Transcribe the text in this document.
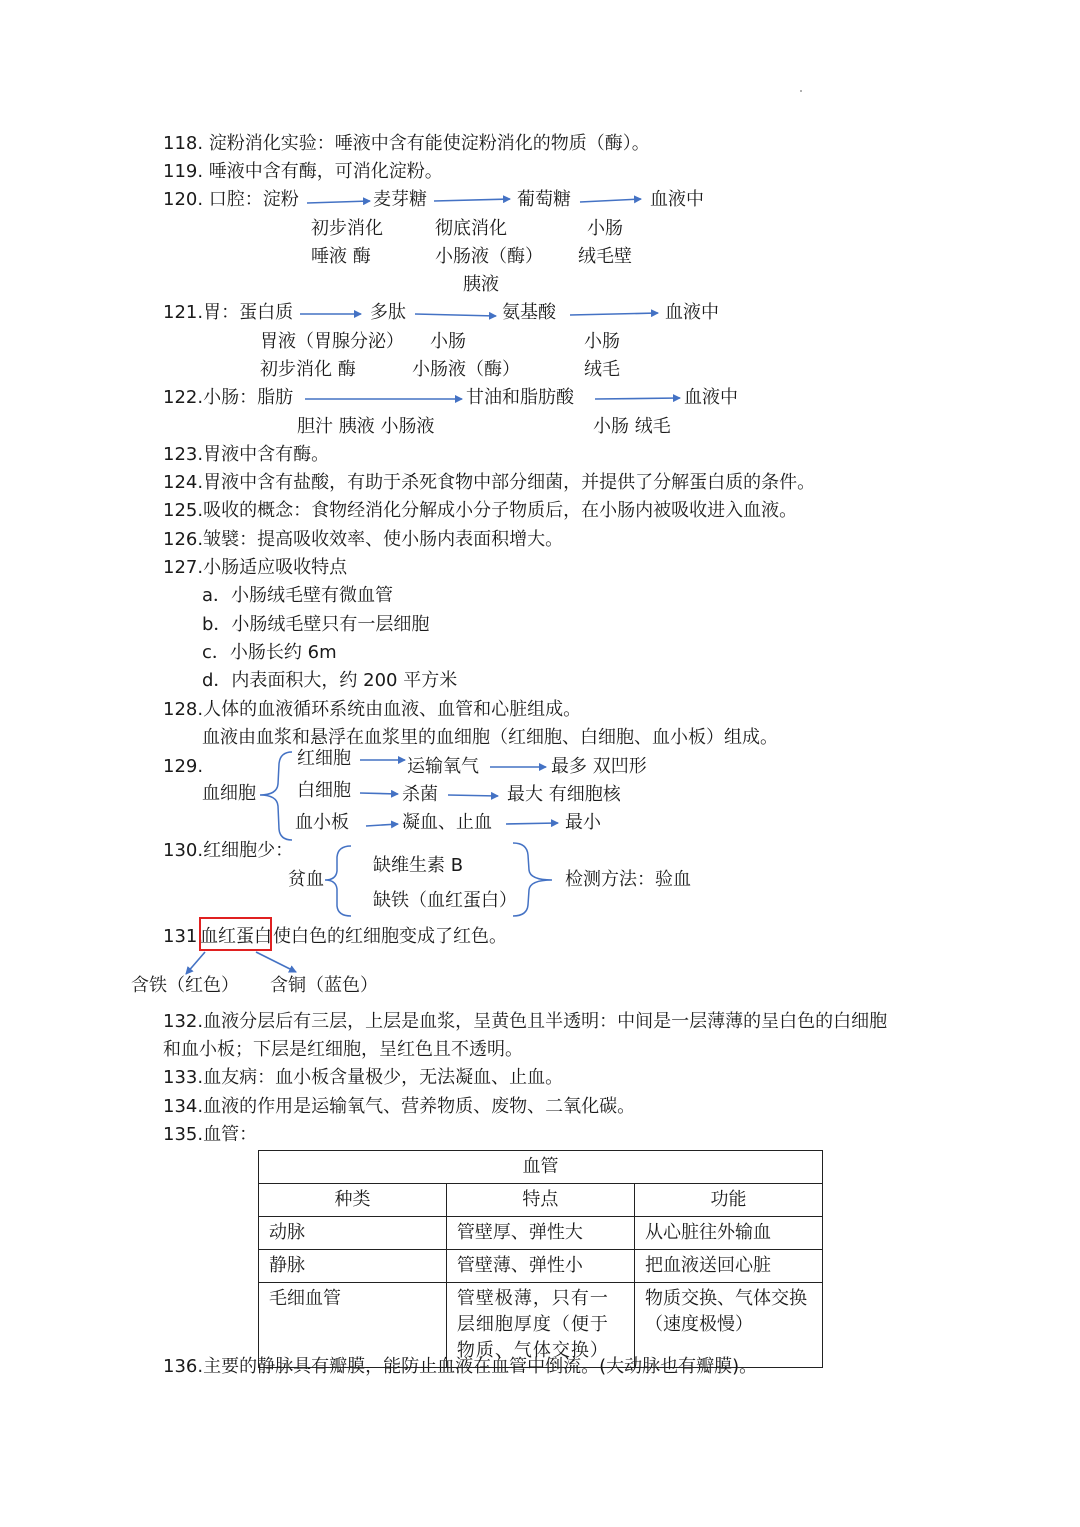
118. 淀粉消化实验：唾液中含有能使淀粉消化的物质（酶）。
119. 唾液中含有酶，可消化淀粉。
120. 口腔：淀粉	麦芽糖	葡萄糖	血液中
初步消化	彻底消化	小肠
唾液 酶	小肠液（酶） 绒毛壁
胰液
121.胃：蛋白质	多肽	氨基酸	血液中
胃液（胃腺分泌） 小肠	小肠
初步消化 酶	小肠液（酶）	绒毛
122.小肠：脂肪	甘油和脂肪酸	血液中
胆汁 胰液 小肠液	小肠 绒毛
123.胃液中含有酶。
124.胃液中含有盐酸，有助于杀死食物中部分细菌，并提供了分解蛋白质的条件。
125.吸收的概念：食物经消化分解成小分子物质后，在小肠内被吸收进入血液。
126.皱襞：提高吸收效率、使小肠内表面积增大。
127.小肠适应吸收特点
a．小肠绒毛壁有微血管
b．小肠绒毛壁只有一层细胞
c．小肠长约 6m
d．内表面积大，约 200 平方米
128.人体的血液循环系统由血液、血管和心脏组成。
血液由血浆和悬浮在血浆里的血细胞（红细胞、白细胞、血小板）组成。
129.
血细胞
红细胞	运输氧气	最多 双凹形
白细胞	杀菌	最大 有细胞核
血小板	凝血、止血	最小
130.红细胞少：
贫血
缺维生素 B
缺铁（血红蛋白）
检测方法：验血
131.
血红蛋白 使白色的红细胞变成了红色。
含铁（红色） 含铜（蓝色）
132.血液分层后有三层，上层是血浆，呈黄色且半透明：中间是一层薄薄的呈白色的白细胞
和血小板；下层是红细胞，呈红色且不透明。
133.血友病：血小板含量极少，无法凝血、止血。
134.血液的作用是运输氧气、营养物质、废物、二氧化碳。
135.血管：
血管		
种类	特点	功能
动脉	管壁厚、弹性大	从心脏往外输血
静脉	管壁薄、弹性小	把血液送回心脏
毛细血管	管壁极薄，只有一层细胞厚度（便于物质、气体交换）	物质交换、气体交换（速度极慢）
136.主要的静脉具有瓣膜，能防止血液在血管中倒流。(大动脉也有瓣膜)。
